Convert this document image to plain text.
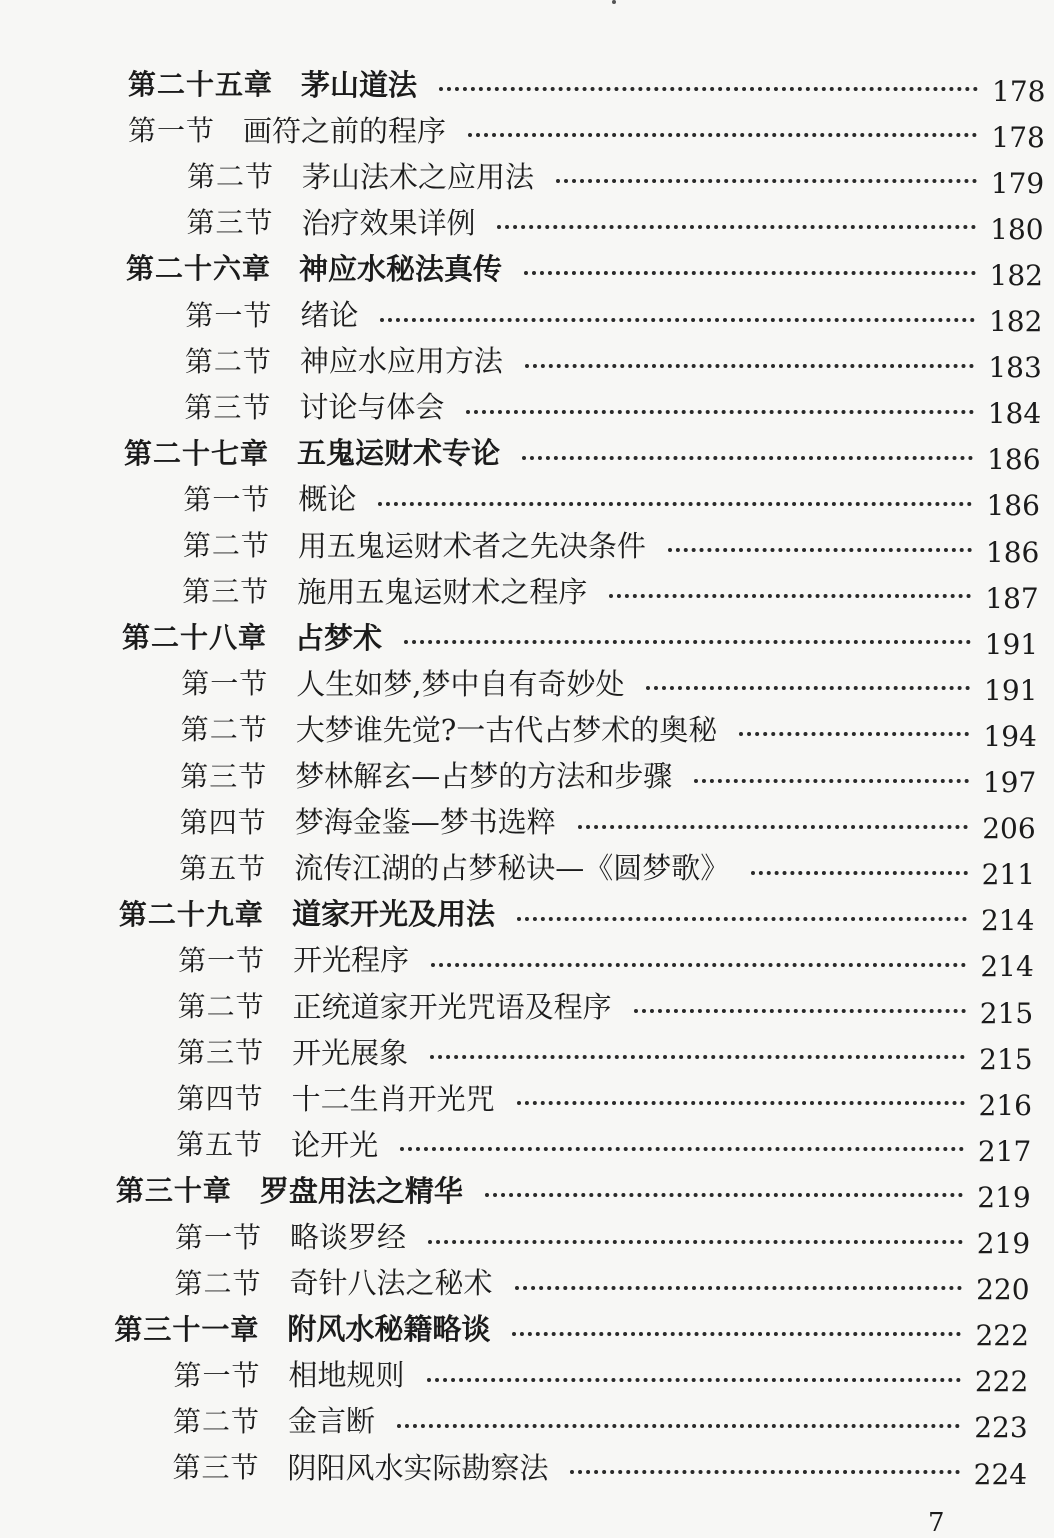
第二十五章 茅山道法	178
第一节 画符之前的程序	178
第二节 茅山法术之应用法	179
第三节 治疗效果详例	180
第二十六章 神应水秘法真传	182
第一节 绪论	182
第二节 神应水应用方法	183
第三节 讨论与体会	184
第二十七章 五鬼运财术专论	186
第一节 概论	186
第二节 用五鬼运财术者之先决条件	186
第三节 施用五鬼运财术之程序	187
第二十八章 占梦术	191
第一节 人生如梦,梦中自有奇妙处	191
第二节 大梦谁先觉?一古代占梦术的奥秘	194
第三节 梦林解玄—占梦的方法和步骤	197
第四节 梦海金鉴—梦书选粹	206
第五节 流传江湖的占梦秘诀—《圆梦歌》	211
第二十九章 道家开光及用法	214
第一节 开光程序	214
第二节 正统道家开光咒语及程序	215
第三节 开光展象	215
第四节 十二生肖开光咒	216
第五节 论开光	217
第三十章 罗盘用法之精华	219
第一节 略谈罗经	219
第二节 奇针八法之秘术	220
第三十一章 附风水秘籍略谈	222
第一节 相地规则	222
第二节 金言断	223
第三节 阴阳风水实际勘察法	224
7
